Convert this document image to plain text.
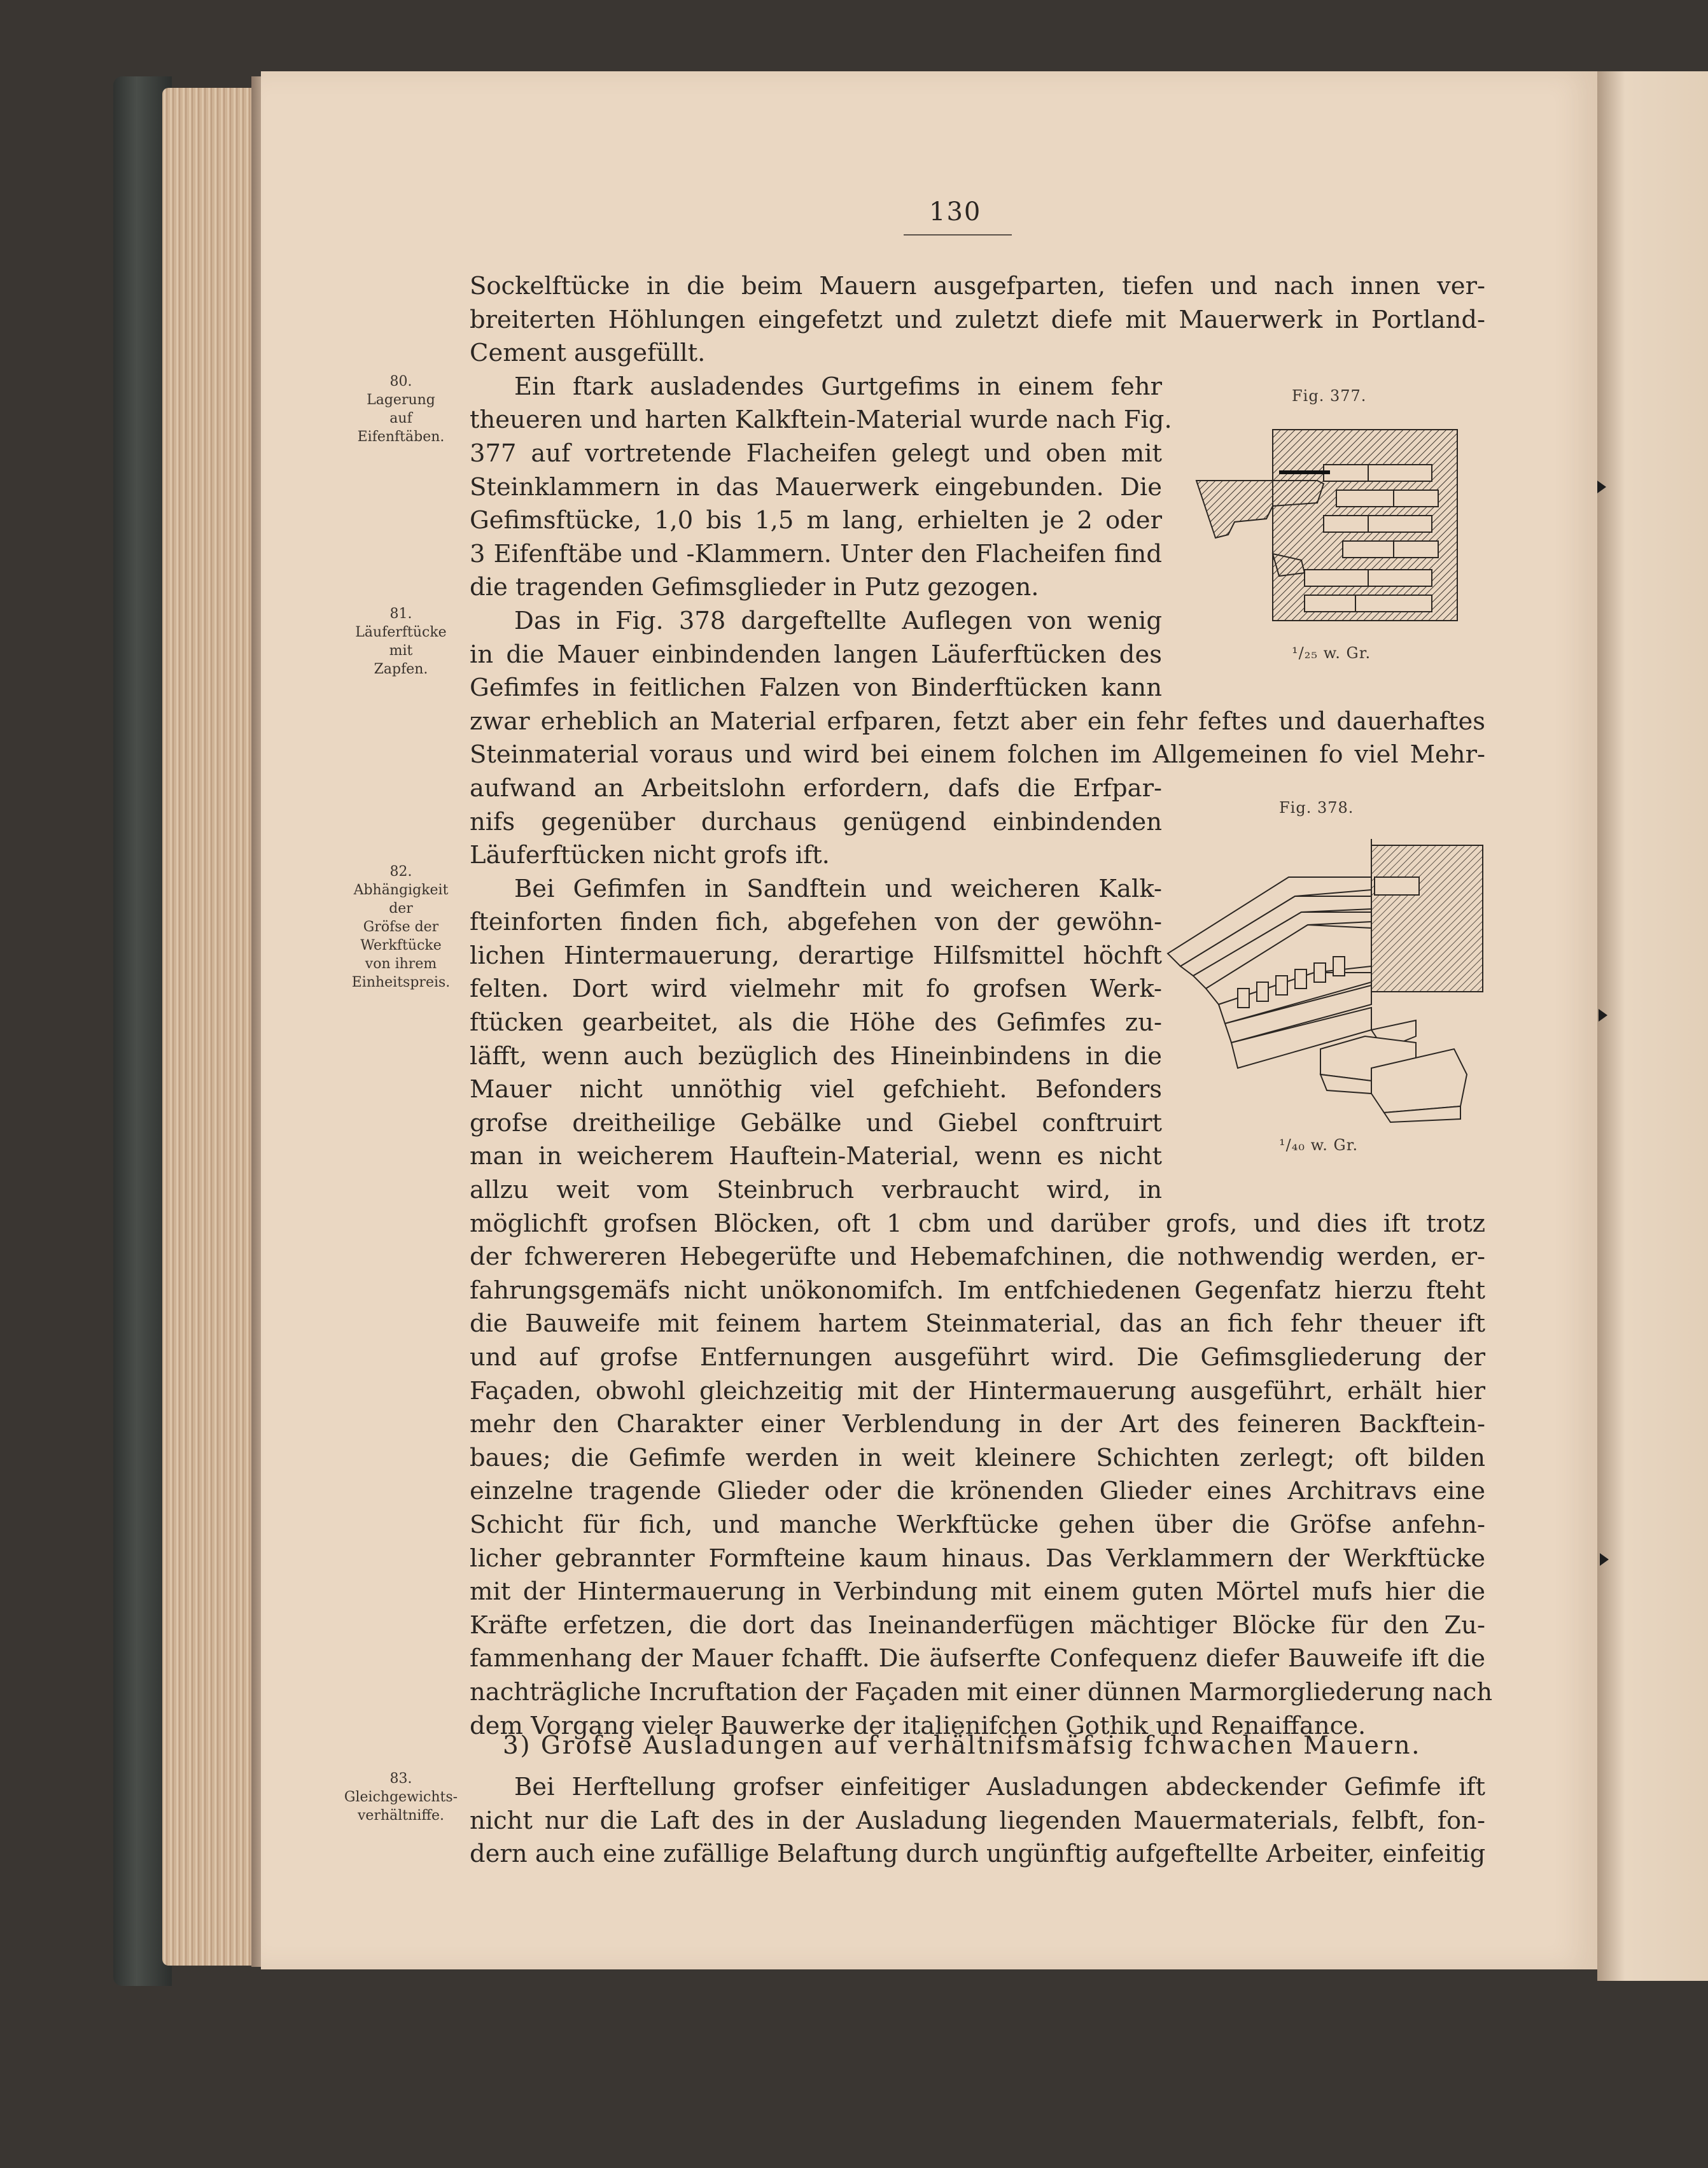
130
80.
Lagerung
auf
Eifenftäben.
81.
Läuferftücke
mit
Zapfen.
82.
Abhängigkeit
der
Gröfse der
Werkftücke
von ihrem
Einheitspreis.
83.
Gleichgewichts-
verhältniffe.
Sockelftücke in die beim Mauern ausgefparten, tiefen und nach innen ver-
breiterten Höhlungen eingefetzt und zuletzt diefe mit Mauerwerk in Portland-
Cement ausgefüllt.
Ein ftark ausladendes Gurtgefims in einem fehr
theueren und harten Kalkftein-Material wurde nach Fig.
377 auf vortretende Flacheifen gelegt und oben mit
Steinklammern in das Mauerwerk eingebunden. Die
Gefimsftücke, 1,0 bis 1,5 m lang, erhielten je 2 oder
3 Eifenftäbe und -Klammern. Unter den Flacheifen find
die tragenden Gefimsglieder in Putz gezogen.
Das in Fig. 378 dargeftellte Auflegen von wenig
in die Mauer einbindenden langen Läuferftücken des
Gefimfes in feitlichen Falzen von Binderftücken kann
zwar erheblich an Material erfparen, fetzt aber ein fehr feftes und dauerhaftes
Steinmaterial voraus und wird bei einem folchen im Allgemeinen fo viel Mehr-
aufwand an Arbeitslohn erfordern, dafs die Erfpar-
nifs gegenüber durchaus genügend einbindenden
Läuferftücken nicht grofs ift.
Bei Gefimfen in Sandftein und weicheren Kalk-
fteinforten finden fich, abgefehen von der gewöhn-
lichen Hintermauerung, derartige Hilfsmittel höchft
felten. Dort wird vielmehr mit fo grofsen Werk-
ftücken gearbeitet, als die Höhe des Gefimfes zu-
läfft, wenn auch bezüglich des Hineinbindens in die
Mauer nicht unnöthig viel gefchieht. Befonders
grofse dreitheilige Gebälke und Giebel conftruirt
man in weicherem Hauftein-Material, wenn es nicht
allzu weit vom Steinbruch verbraucht wird, in
möglichft grofsen Blöcken, oft 1 cbm und darüber grofs, und dies ift trotz
der fchwereren Hebegerüfte und Hebemafchinen, die nothwendig werden, er-
fahrungsgemäfs nicht unökonomifch. Im entfchiedenen Gegenfatz hierzu fteht
die Bauweife mit feinem hartem Steinmaterial, das an fich fehr theuer ift
und auf grofse Entfernungen ausgeführt wird. Die Gefimsgliederung der
Façaden, obwohl gleichzeitig mit der Hintermauerung ausgeführt, erhält hier
mehr den Charakter einer Verblendung in der Art des feineren Backftein-
baues; die Gefimfe werden in weit kleinere Schichten zerlegt; oft bilden
einzelne tragende Glieder oder die krönenden Glieder eines Architravs eine
Schicht für fich, und manche Werkftücke gehen über die Gröfse anfehn-
licher gebrannter Formfteine kaum hinaus. Das Verklammern der Werkftücke
mit der Hintermauerung in Verbindung mit einem guten Mörtel mufs hier die
Kräfte erfetzen, die dort das Ineinanderfügen mächtiger Blöcke für den Zu-
fammenhang der Mauer fchafft. Die äufserfte Confequenz diefer Bauweife ift die
nachträgliche Incruftation der Façaden mit einer dünnen Marmorgliederung nach
dem Vorgang vieler Bauwerke der italienifchen Gothik und Renaiffance.
3) Grofse Ausladungen auf verhältnifsmäfsig fchwachen Mauern.
Bei Herftellung grofser einfeitiger Ausladungen abdeckender Gefimfe ift
nicht nur die Laft des in der Ausladung liegenden Mauermaterials, felbft, fon-
dern auch eine zufällige Belaftung durch ungünftig aufgeftellte Arbeiter, einfeitig
Fig. 377.
¹/₂₅ w. Gr.
Fig. 378.
¹/₄₀ w. Gr.
